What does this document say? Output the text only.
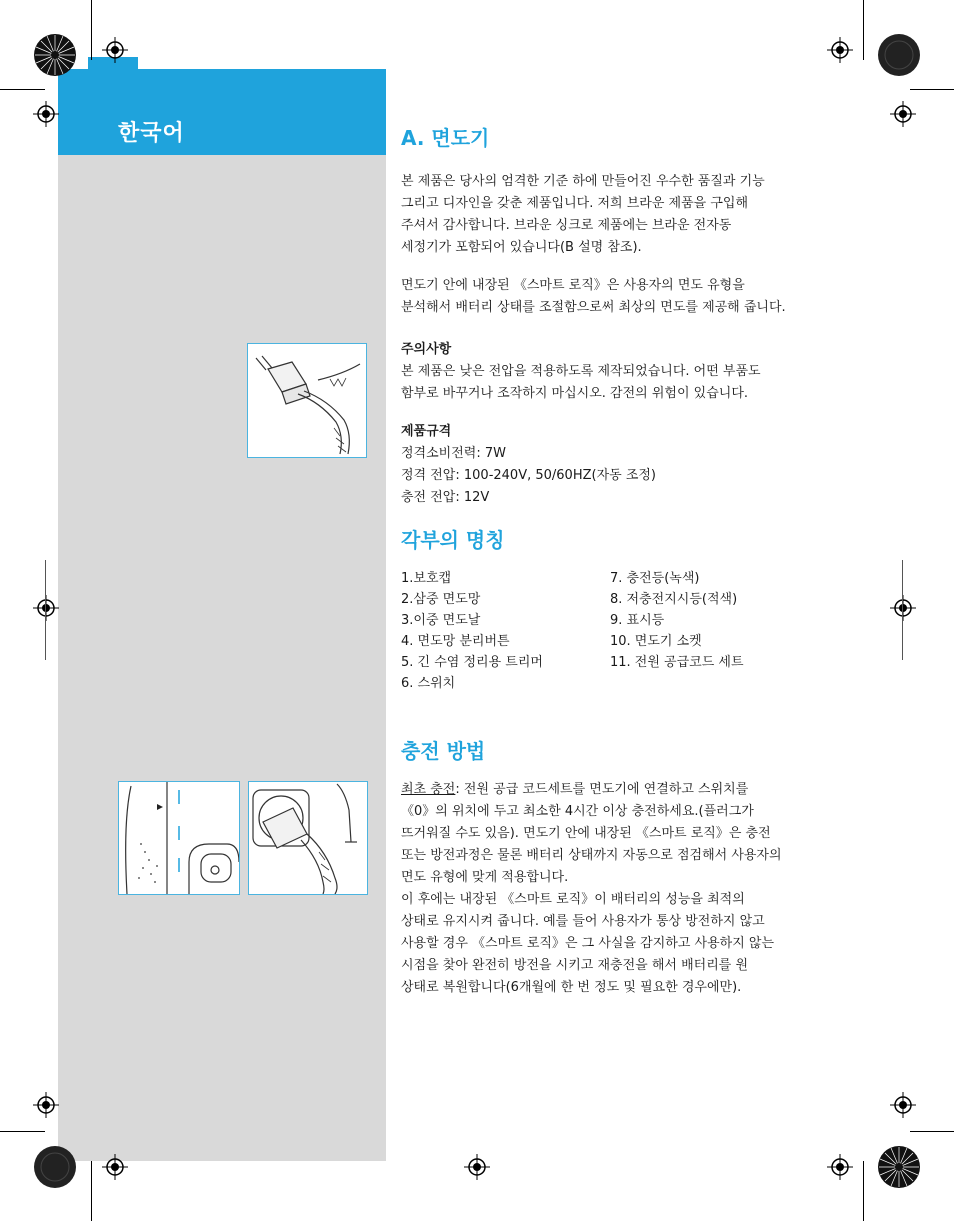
한국어	A. 면도기
본 제품은 당사의 엄격한 기준 하에 만들어진 우수한 품질과 기능
그리고 디자인을 갖춘 제품입니다. 저희 브라운 제품을 구입해
주셔서 감사합니다. 브라운 싱크로 제품에는 브라운 전자동
세정기가 포함되어 있습니다(B 설명 참조).
면도기 안에 내장된 《스마트 로직》은 사용자의 면도 유형을
분석해서 배터리 상태를 조절함으로써 최상의 면도를 제공해 줍니다.
주의사항
본 제품은 낮은 전압을 적용하도록 제작되었습니다. 어떤 부품도
함부로 바꾸거나 조작하지 마십시오. 감전의 위험이 있습니다.
제품규격
정격소비전력: 7W
정격 전압: 100-240V, 50/60HZ(자동 조정)
충전 전압: 12V
각부의 명칭
1.보호캡
2.삼중 면도망
3.이중 면도날
4. 면도망 분리버튼
5. 긴 수염 정리용 트리머
6. 스위치
7. 충전등(녹색)
8. 저충전지시등(적색)
9. 표시등
10. 면도기 소켓
11. 전원 공급코드 세트
충전 방법
최초 충전: 전원 공급 코드세트를 면도기에 연결하고 스위치를
《0》의 위치에 두고 최소한 4시간 이상 충전하세요.(플러그가
뜨거워질 수도 있음). 면도기 안에 내장된 《스마트 로직》은 충전
또는 방전과정은 물론 배터리 상태까지 자동으로 점검해서 사용자의
면도 유형에 맞게 적용합니다.
이 후에는 내장된 《스마트 로직》이 배터리의 성능을 최적의
상태로 유지시켜 줍니다. 예를 들어 사용자가 통상 방전하지 않고
사용할 경우 《스마트 로직》은 그 사실을 감지하고 사용하지 않는
시점을 찾아 완전히 방전을 시키고 재충전을 해서 배터리를 원
상태로 복원합니다(6개월에 한 번 정도 및 필요한 경우에만).
